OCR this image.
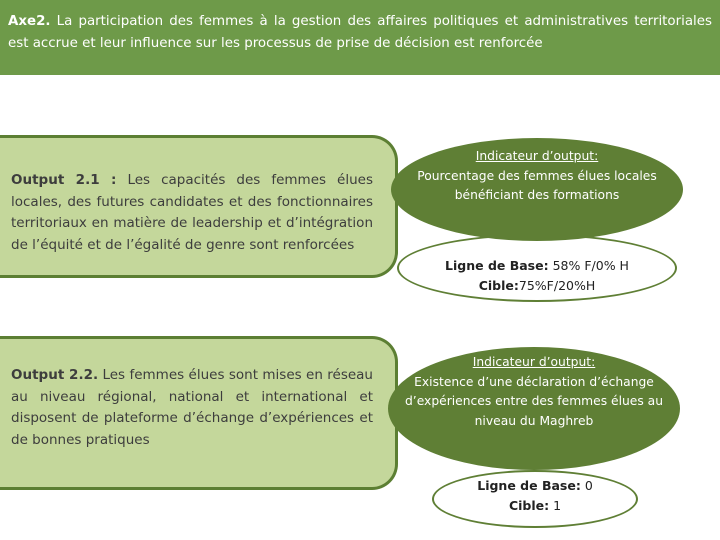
Axe2. La participation des femmes à la gestion des affaires politiques et administratives territoriales est accrue et leur influence sur les processus de prise de décision est renforcée
Output 2.1 : Les capacités des femmes élues locales, des futures candidates et des fonctionnaires territoriaux en matière de leadership et d’intégration de l’équité et de l’égalité de genre sont renforcées
Ligne de Base: 58% F/0% H
Cible:75%F/20%H
Indicateur d’output:
Pourcentage des femmes élues locales bénéficiant des formations
Output 2.2. Les femmes élues sont mises en réseau au niveau régional, national et international et disposent de plateforme d’échange d’expériences et de bonnes pratiques
Ligne de Base: 0
Cible: 1
Indicateur d’output:
Existence d’une déclaration d’échange d’expériences entre des femmes élues au niveau du Maghreb
